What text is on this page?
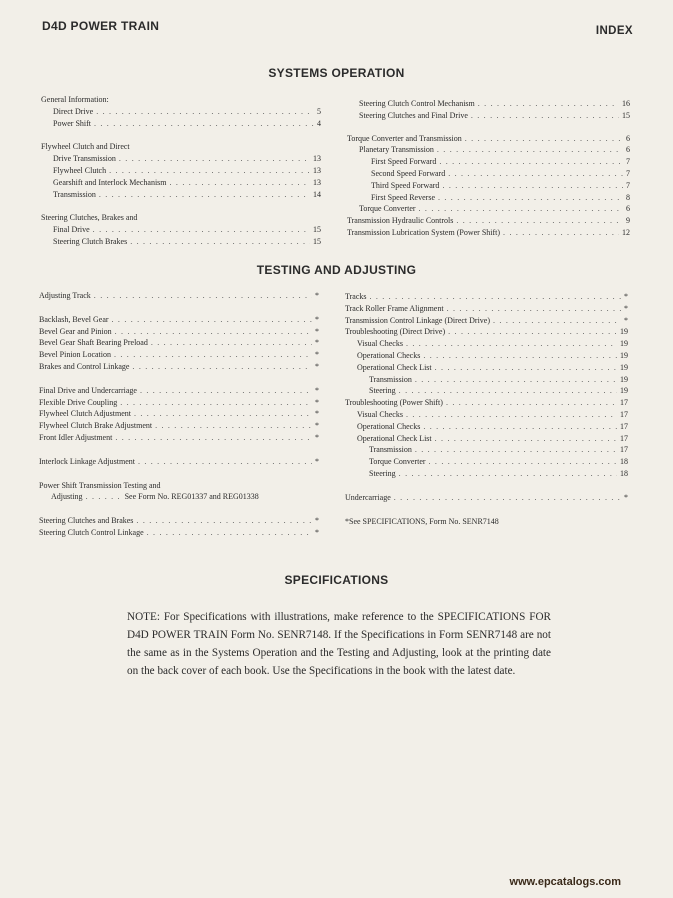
D4D POWER TRAIN	INDEX
SYSTEMS OPERATION
General Information:
Direct Drive . . .	5
Power Shift . . .	4
Flywheel Clutch and Direct
Drive Transmission . . .	13
Flywheel Clutch . . .	13
Gearshift and Interlock Mechanism . . .	13
Transmission . . .	14
Steering Clutches, Brakes and
Final Drive . . .	15
Steering Clutch Brakes . . .	15
Steering Clutch Control Mechanism . . .	16
Steering Clutches and Final Drive . . .	15
Torque Converter and Transmission . . .	6
Planetary Transmission . . .	6
First Speed Forward . . .	7
Second Speed Forward . . .	7
Third Speed Forward . . .	7
First Speed Reverse . . .	8
Torque Converter . . .	6
Transmission Hydraulic Controls . . .	9
Transmission Lubrication System (Power Shift) . . .	12
TESTING AND ADJUSTING
Adjusting Track . . .	*
Backlash, Bevel Gear . . .	*
Bevel Gear and Pinion . . .	*
Bevel Gear Shaft Bearing Preload . . .	*
Bevel Pinion Location . . .	*
Brakes and Control Linkage . . .	*
Final Drive and Undercarriage . . .	*
Flexible Drive Coupling . . .	*
Flywheel Clutch Adjustment . . .	*
Flywheel Clutch Brake Adjustment . . .	*
Front Idler Adjustment . . .	*
Interlock Linkage Adjustment . . .	*
Power Shift Transmission Testing and
Adjusting . . .	See Form No. REG01337 and REG01338
Steering Clutches and Brakes . . .	*
Steering Clutch Control Linkage . . .	*
Tracks . . .	*
Track Roller Frame Alignment . . .	*
Transmission Control Linkage (Direct Drive) . . .	*
Troubleshooting (Direct Drive) . . .	19
Visual Checks . . .	19
Operational Checks . . .	19
Operational Check List . . .	19
Transmission . . .	19
Steering . . .	19
Troubleshooting (Power Shift) . . .	17
Visual Checks . . .	17
Operational Checks . . .	17
Operational Check List . . .	17
Transmission . . .	17
Torque Converter . . .	18
Steering . . .	18
Undercarriage . . .	*
*See SPECIFICATIONS, Form No. SENR7148
SPECIFICATIONS
NOTE: For Specifications with illustrations, make reference to the SPECIFICATIONS FOR D4D POWER TRAIN Form No. SENR7148. If the Specifications in Form SENR7148 are not the same as in the Systems Operation and the Testing and Adjusting, look at the printing date on the back cover of each book. Use the Specifications in the book with the latest date.
www.epcatalogs.com
